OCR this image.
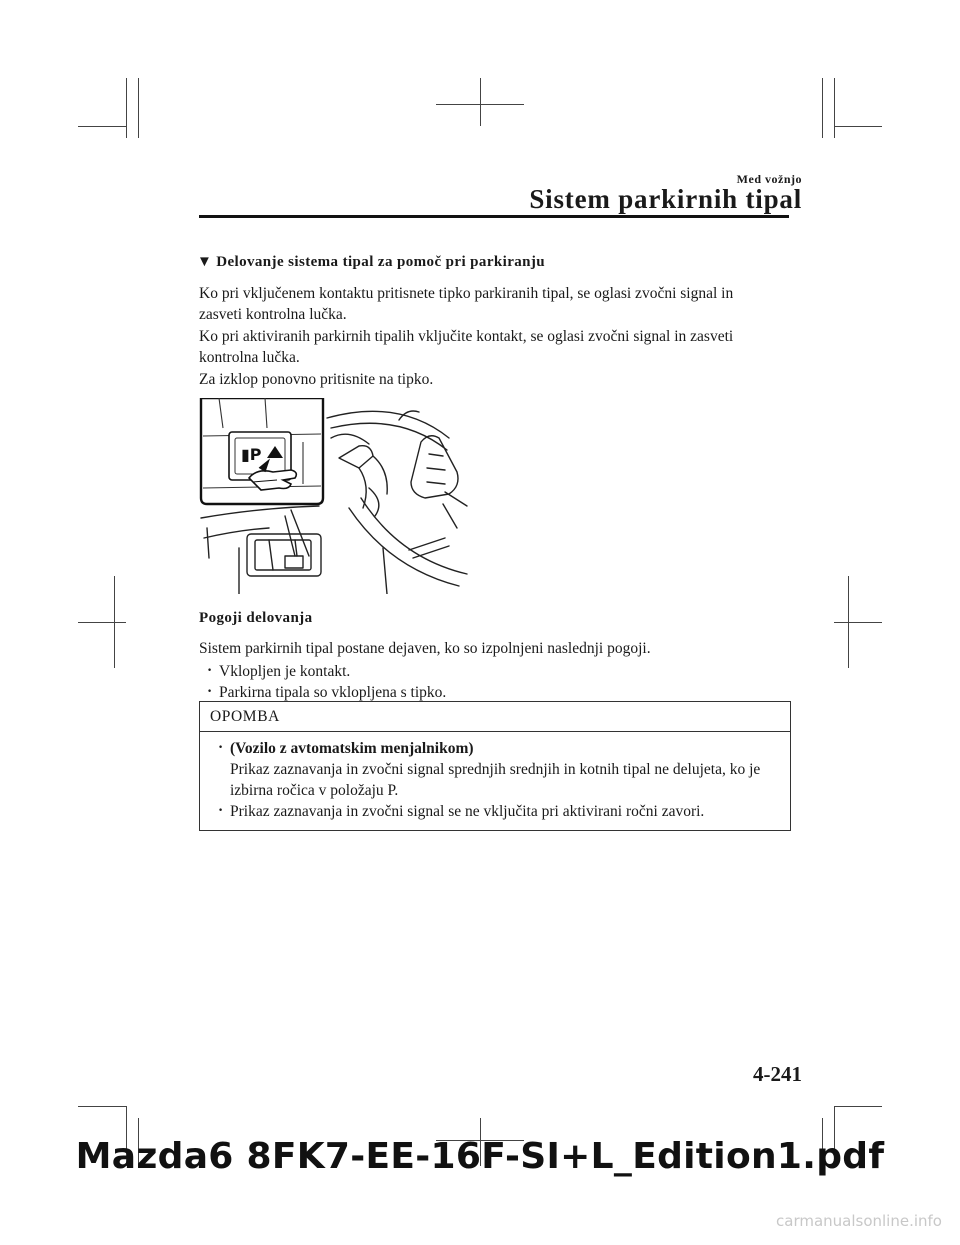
Med vožnjo
Sistem parkirnih tipal
▼ Delovanje sistema tipal za pomoč pri parkiranju

Ko pri vključenem kontaktu pritisnete tipko parkiranih tipal, se oglasi zvočni signal in

zasveti kontrolna lučka.

Ko pri aktiviranih parkirnih tipalih vključite kontakt, se oglasi zvočni signal in zasveti

kontrolna lučka.

Za izklop ponovno pritisnite na tipko.

▮P
Pogoji delovanja
Sistem parkirnih tipal postane dejaven, ko so izpolnjeni naslednji pogoji.
· Vklopljen je kontakt.
· Parkirna tipala so vklopljena s tipko.
OPOMBA
· (Vozilo z avtomatskim menjalnikom)
Prikaz zaznavanja in zvočni signal sprednjih srednjih in kotnih tipal ne delujeta, ko je
izbirna ročica v položaju P.
· Prikaz zaznavanja in zvočni signal se ne vključita pri aktivirani ročni zavori.
4-241
Mazda6 8FK7-EE-16F-SI+L_Edition1.pdf
carmanualsonline.info
